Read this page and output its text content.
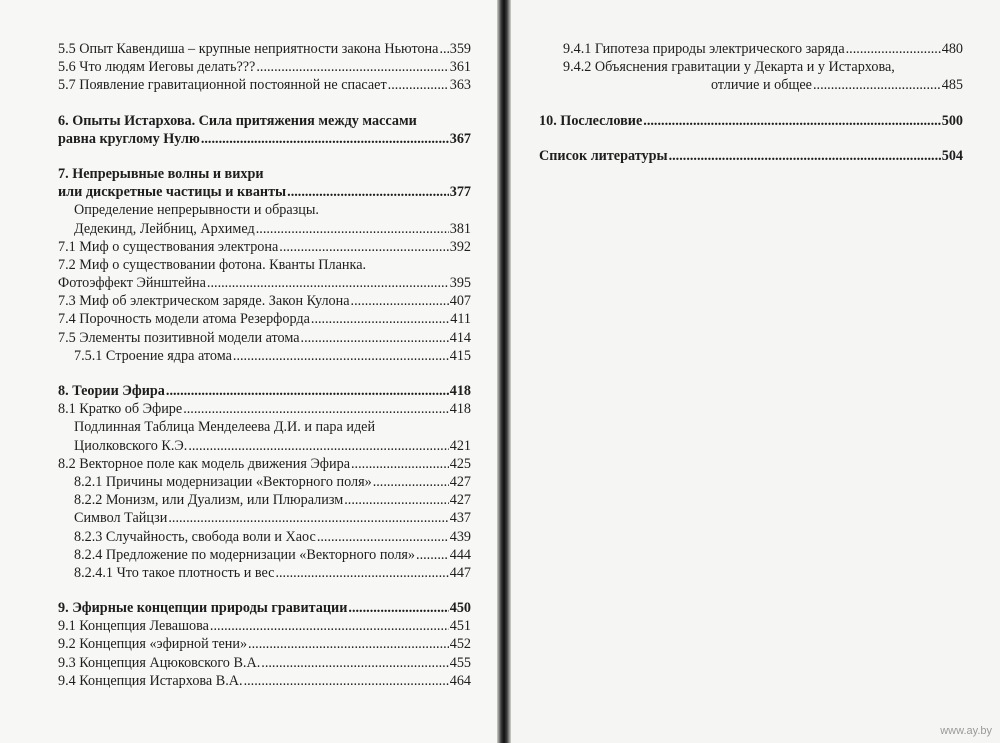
5.5 Опыт Кавендиша – крупные неприятности закона Ньютона ..... 359
5.6 Что людям Иеговы делать??? .....	361
5.7 Появление гравитационной постоянной не спасает .....	363
6. Опыты Истархова. Сила притяжения между массами
равна круглому Нулю .....	367
7. Непрерывные волны и вихри
или дискретные частицы и кванты .....	377
Определение непрерывности и образцы.
Дедекинд, Лейбниц, Архимед .....	381
7.1 Миф о существования электрона .....	392
7.2 Миф о существовании фотона. Кванты Планка.
Фотоэффект Эйнштейна .....	395
7.3 Миф об электрическом заряде. Закон Кулона .....	407
7.4 Порочность модели атома Резерфорда .....	411
7.5 Элементы позитивной модели атома .....	414
7.5.1 Строение ядра атома .....	415
8. Теории Эфира .....	418
8.1 Кратко об Эфире .....	418
Подлинная Таблица Менделеева Д.И. и пара идей
Циолковского К.Э. .....	421
8.2 Векторное поле как модель движения Эфира .....	425
8.2.1 Причины модернизации «Векторного поля» .....	427
8.2.2 Монизм, или Дуализм, или Плюрализм .....	427
Символ Тайцзи .....	437
8.2.3 Случайность, свобода воли и Хаос .....	439
8.2.4 Предложение по модернизации «Векторного поля» ..... 444
8.2.4.1 Что такое плотность и вес .....	447
9. Эфирные концепции природы гравитации .....	450
9.1 Концепция Левашова .....	451
9.2 Концепция «эфирной тени» .....	452
9.3 Концепция Ацюковского В.А. .....	455
9.4 Концепция Истархова В.А. .....	464
9.4.1 Гипотеза природы электрического заряда .....	480
9.4.2 Объяснения гравитации у Декарта и у Истархова,
отличие и общее .....	485
10. Послесловие .....	500
Список литературы .....	504
www.ay.by
